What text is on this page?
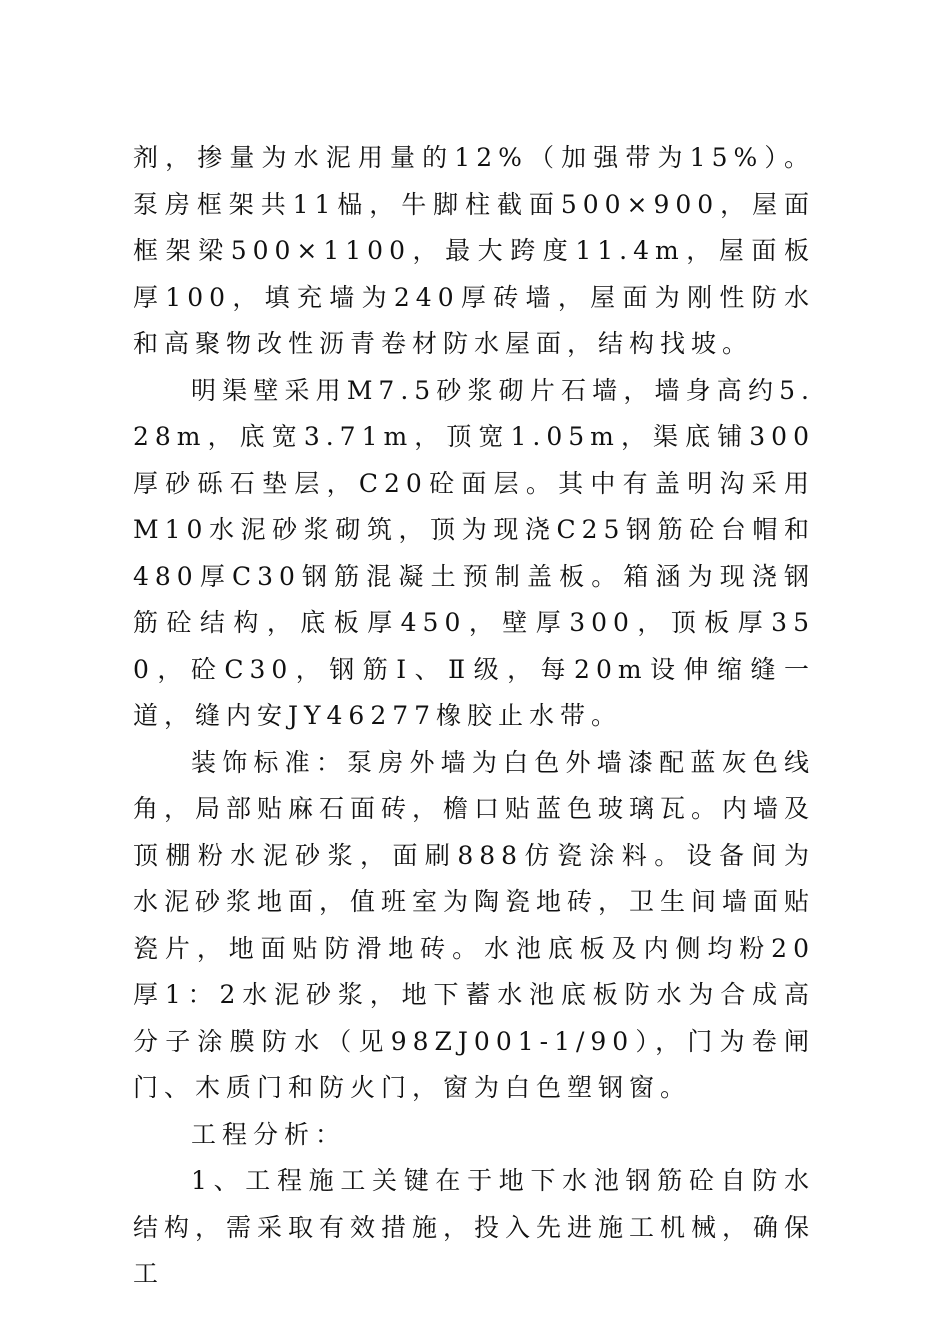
剂，掺量为水泥用量的12%（加强带为15%）。泵房框架共11榀，牛脚柱截面500×900，屋面框架梁500×1100，最大跨度11.4m，屋面板厚100，填充墙为240厚砖墙，屋面为刚性防水和高聚物改性沥青卷材防水屋面，结构找坡。

明渠壁采用M7.5砂浆砌片石墙，墙身高约5.28m，底宽3.71m，顶宽1.05m，渠底铺300厚砂砾石垫层，C20砼面层。其中有盖明沟采用M10水泥砂浆砌筑，顶为现浇C25钢筋砼台帽和480厚C30钢筋混凝土预制盖板。箱涵为现浇钢筋砼结构，底板厚450，壁厚300，顶板厚350，砼C30，钢筋Ⅰ、Ⅱ级，每20m设伸缩缝一道，缝内安JY46277橡胶止水带。

装饰标准：泵房外墙为白色外墙漆配蓝灰色线角，局部贴麻石面砖，檐口贴蓝色玻璃瓦。内墙及顶棚粉水泥砂浆，面刷888仿瓷涂料。设备间为水泥砂浆地面，值班室为陶瓷地砖，卫生间墙面贴瓷片，地面贴防滑地砖。水池底板及内侧均粉20厚1：2水泥砂浆，地下蓄水池底板防水为合成高分子涂膜防水（见98ZJ001-1/90），门为卷闸门、木质门和防火门，窗为白色塑钢窗。

工程分析：

1、工程施工关键在于地下水池钢筋砼自防水结构，需采取有效措施，投入先进施工机械，确保工
